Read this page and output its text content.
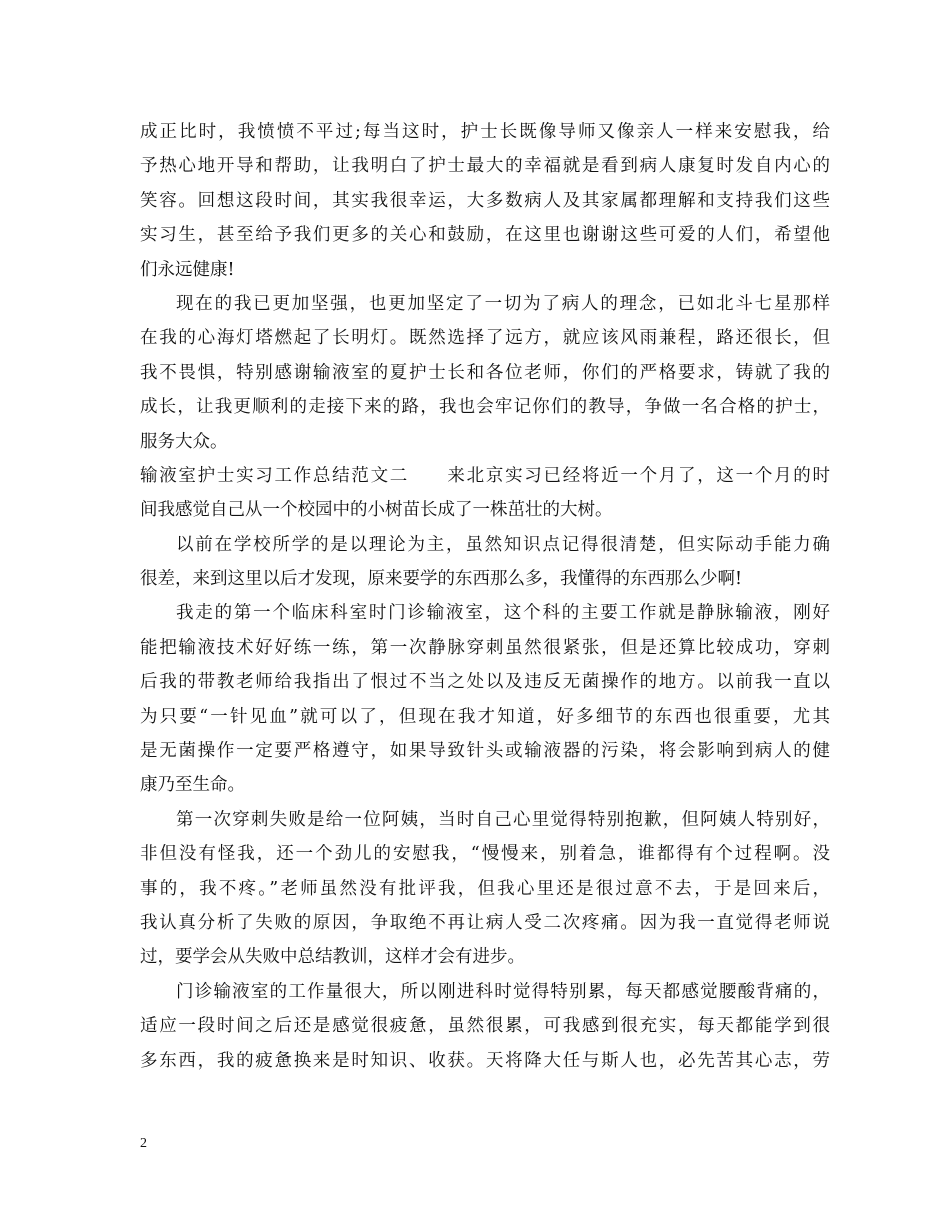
成正比时，我愤愤不平过;每当这时，护士长既像导师又像亲人一样来安慰我，给
予热心地开导和帮助，让我明白了护士最大的幸福就是看到病人康复时发自内心的
笑容。回想这段时间，其实我很幸运，大多数病人及其家属都理解和支持我们这些
实习生，甚至给予我们更多的关心和鼓励，在这里也谢谢这些可爱的人们，希望他
们永远健康!
现在的我已更加坚强，也更加坚定了一切为了病人的理念，已如北斗七星那样
在我的心海灯塔燃起了长明灯。既然选择了远方，就应该风雨兼程，路还很长，但
我不畏惧，特别感谢输液室的夏护士长和各位老师，你们的严格要求，铸就了我的
成长，让我更顺利的走接下来的路，我也会牢记你们的教导，争做一名合格的护士，
服务大众。
输液室护士实习工作总结范文二　　来北京实习已经将近一个月了，这一个月的时
间我感觉自己从一个校园中的小树苗长成了一株茁壮的大树。
以前在学校所学的是以理论为主，虽然知识点记得很清楚，但实际动手能力确
很差，来到这里以后才发现，原来要学的东西那么多，我懂得的东西那么少啊!
我走的第一个临床科室时门诊输液室，这个科的主要工作就是静脉输液，刚好
能把输液技术好好练一练，第一次静脉穿刺虽然很紧张，但是还算比较成功，穿刺
后我的带教老师给我指出了恨过不当之处以及违反无菌操作的地方。以前我一直以
为只要“一针见血”就可以了，但现在我才知道，好多细节的东西也很重要，尤其
是无菌操作一定要严格遵守，如果导致针头或输液器的污染，将会影响到病人的健
康乃至生命。
第一次穿刺失败是给一位阿姨，当时自己心里觉得特别抱歉，但阿姨人特别好，
非但没有怪我，还一个劲儿的安慰我，“慢慢来，别着急，谁都得有个过程啊。没
事的，我不疼。”老师虽然没有批评我，但我心里还是很过意不去，于是回来后，
我认真分析了失败的原因，争取绝不再让病人受二次疼痛。因为我一直觉得老师说
过，要学会从失败中总结教训，这样才会有进步。
门诊输液室的工作量很大，所以刚进科时觉得特别累，每天都感觉腰酸背痛的，
适应一段时间之后还是感觉很疲惫，虽然很累，可我感到很充实，每天都能学到很
多东西，我的疲惫换来是时知识、收获。天将降大任与斯人也，必先苦其心志，劳
2
